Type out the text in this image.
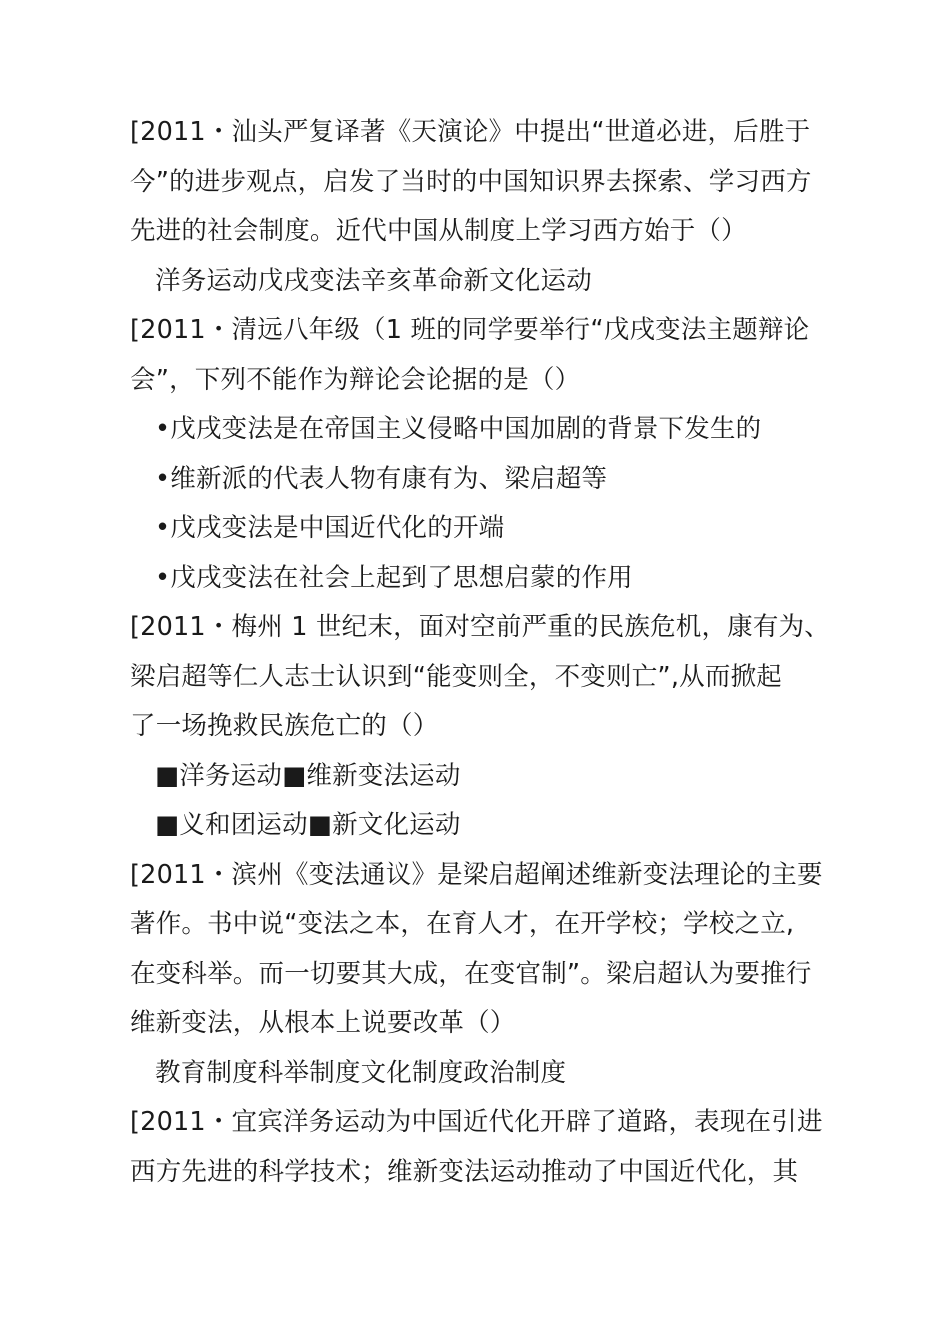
[2011・汕头严复译著《天演论》中提出“世道必进，后胜于
今”的进步观点，启发了当时的中国知识界去探索、学习西方
先进的社会制度。近代中国从制度上学习西方始于（）
洋务运动戊戌变法辛亥革命新文化运动
[2011・清远八年级（1 班的同学要举行“戊戌变法主题辩论
会”，下列不能作为辩论会论据的是（）
•戊戌变法是在帝国主义侵略中国加剧的背景下发生的
•维新派的代表人物有康有为、梁启超等
•戊戌变法是中国近代化的开端
•戊戌变法在社会上起到了思想启蒙的作用
[2011・梅州 1 世纪末，面对空前严重的民族危机，康有为、
梁启超等仁人志士认识到“能变则全，不变则亡”,从而掀起
了一场挽救民族危亡的（）
■洋务运动■维新变法运动
■义和团运动■新文化运动
[2011・滨州《变法通议》是梁启超阐述维新变法理论的主要
著作。书中说“变法之本，在育人才，在开学校；学校之立,
在变科举。而一切要其大成，在变官制”。梁启超认为要推行
维新变法，从根本上说要改革（）
教育制度科举制度文化制度政治制度
[2011・宜宾洋务运动为中国近代化开辟了道路，表现在引进
西方先进的科学技术；维新变法运动推动了中国近代化，其
